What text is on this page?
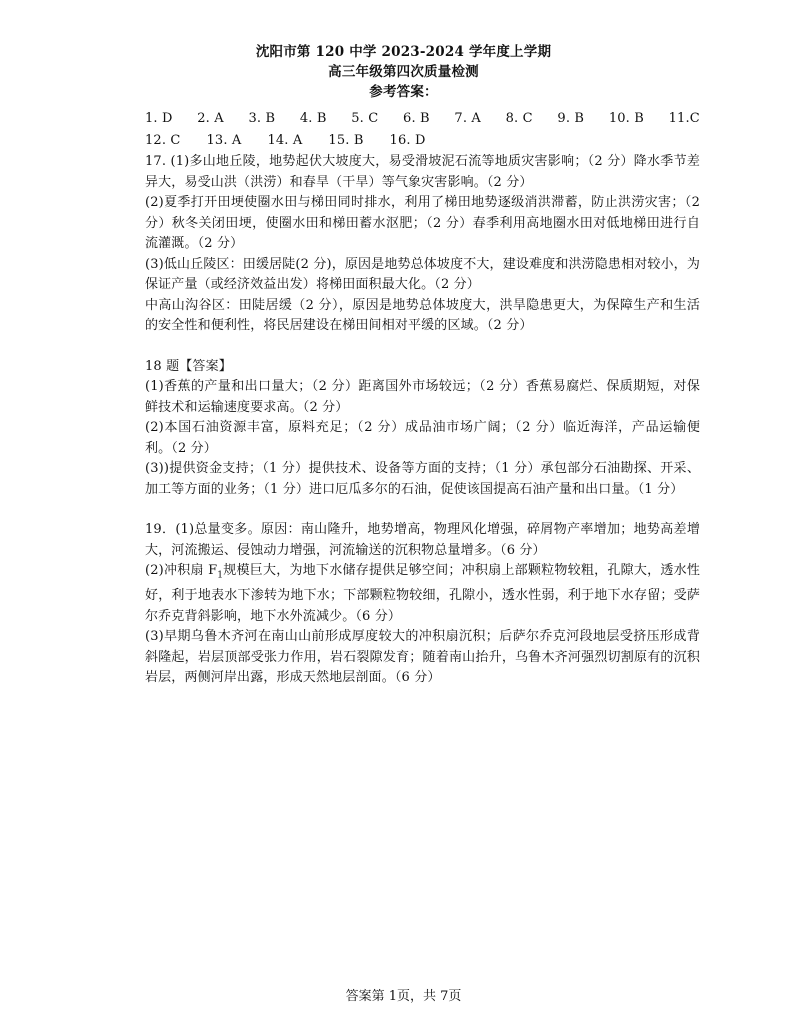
沈阳市第 120 中学 2023-2024 学年度上学期
高三年级第四次质量检测
参考答案：
1. D 2. A 3. B 4. B 5. C 6. B 7. A 8. C 9. B 10. B 11.C
12. C 13. A 14. A 15. B 16. D

17. (1)多山地丘陵，地势起伏大坡度大，易受滑坡泥石流等地质灾害影响；（2 分）降水季节差异大，易受山洪（洪涝）和春旱（干旱）等气象灾害影响。（2 分）

(2)夏季打开田埂使圈水田与梯田同时排水，利用了梯田地势逐级消洪滞蓄，防止洪涝灾害；（2 分）秋冬关闭田埂，使圈水田和梯田蓄水沤肥；（2 分）春季利用高地圈水田对低地梯田进行自流灌溉。（2 分）

(3)低山丘陵区：田缓居陡(2 分)，原因是地势总体坡度不大，建设难度和洪涝隐患相对较小，为保证产量（或经济效益出发）将梯田面积最大化。（2 分）

中高山沟谷区：田陡居缓（2 分），原因是地势总体坡度大，洪旱隐患更大，为保障生产和生活的安全性和便利性，将民居建设在梯田间相对平缓的区域。（2 分）

18 题【答案】

(1)香蕉的产量和出口量大；（2 分）距离国外市场较远；（2 分）香蕉易腐烂、保质期短，对保鲜技术和运输速度要求高。（2 分）

(2)本国石油资源丰富，原料充足；（2 分）成品油市场广阔；（2 分）临近海洋，产品运输便利。（2 分）

(3))提供资金支持；（1 分）提供技术、设备等方面的支持；（1 分）承包部分石油勘探、开采、加工等方面的业务；（1 分）进口厄瓜多尔的石油，促使该国提高石油产量和出口量。（1 分）

19．(1)总量变多。原因：南山隆升，地势增高，物理风化增强，碎屑物产率增加；地势高差增大，河流搬运、侵蚀动力增强，河流输送的沉积物总量增多。（6 分）

(2)冲积扇 $F_1$规模巨大，为地下水储存提供足够空间；冲积扇上部颗粒物较粗，孔隙大，透水性好，利于地表水下渗转为地下水；下部颗粒物较细，孔隙小，透水性弱，利于地下水存留；受萨尔乔克背斜影响，地下水外流减少。（6 分）

(3)早期乌鲁木齐河在南山山前形成厚度较大的冲积扇沉积；后萨尔乔克河段地层受挤压形成背斜隆起，岩层顶部受张力作用，岩石裂隙发育；随着南山抬升，乌鲁木齐河强烈切割原有的沉积岩层，两侧河岸出露，形成天然地层剖面。（6 分）

答案第 1页，共 7页
